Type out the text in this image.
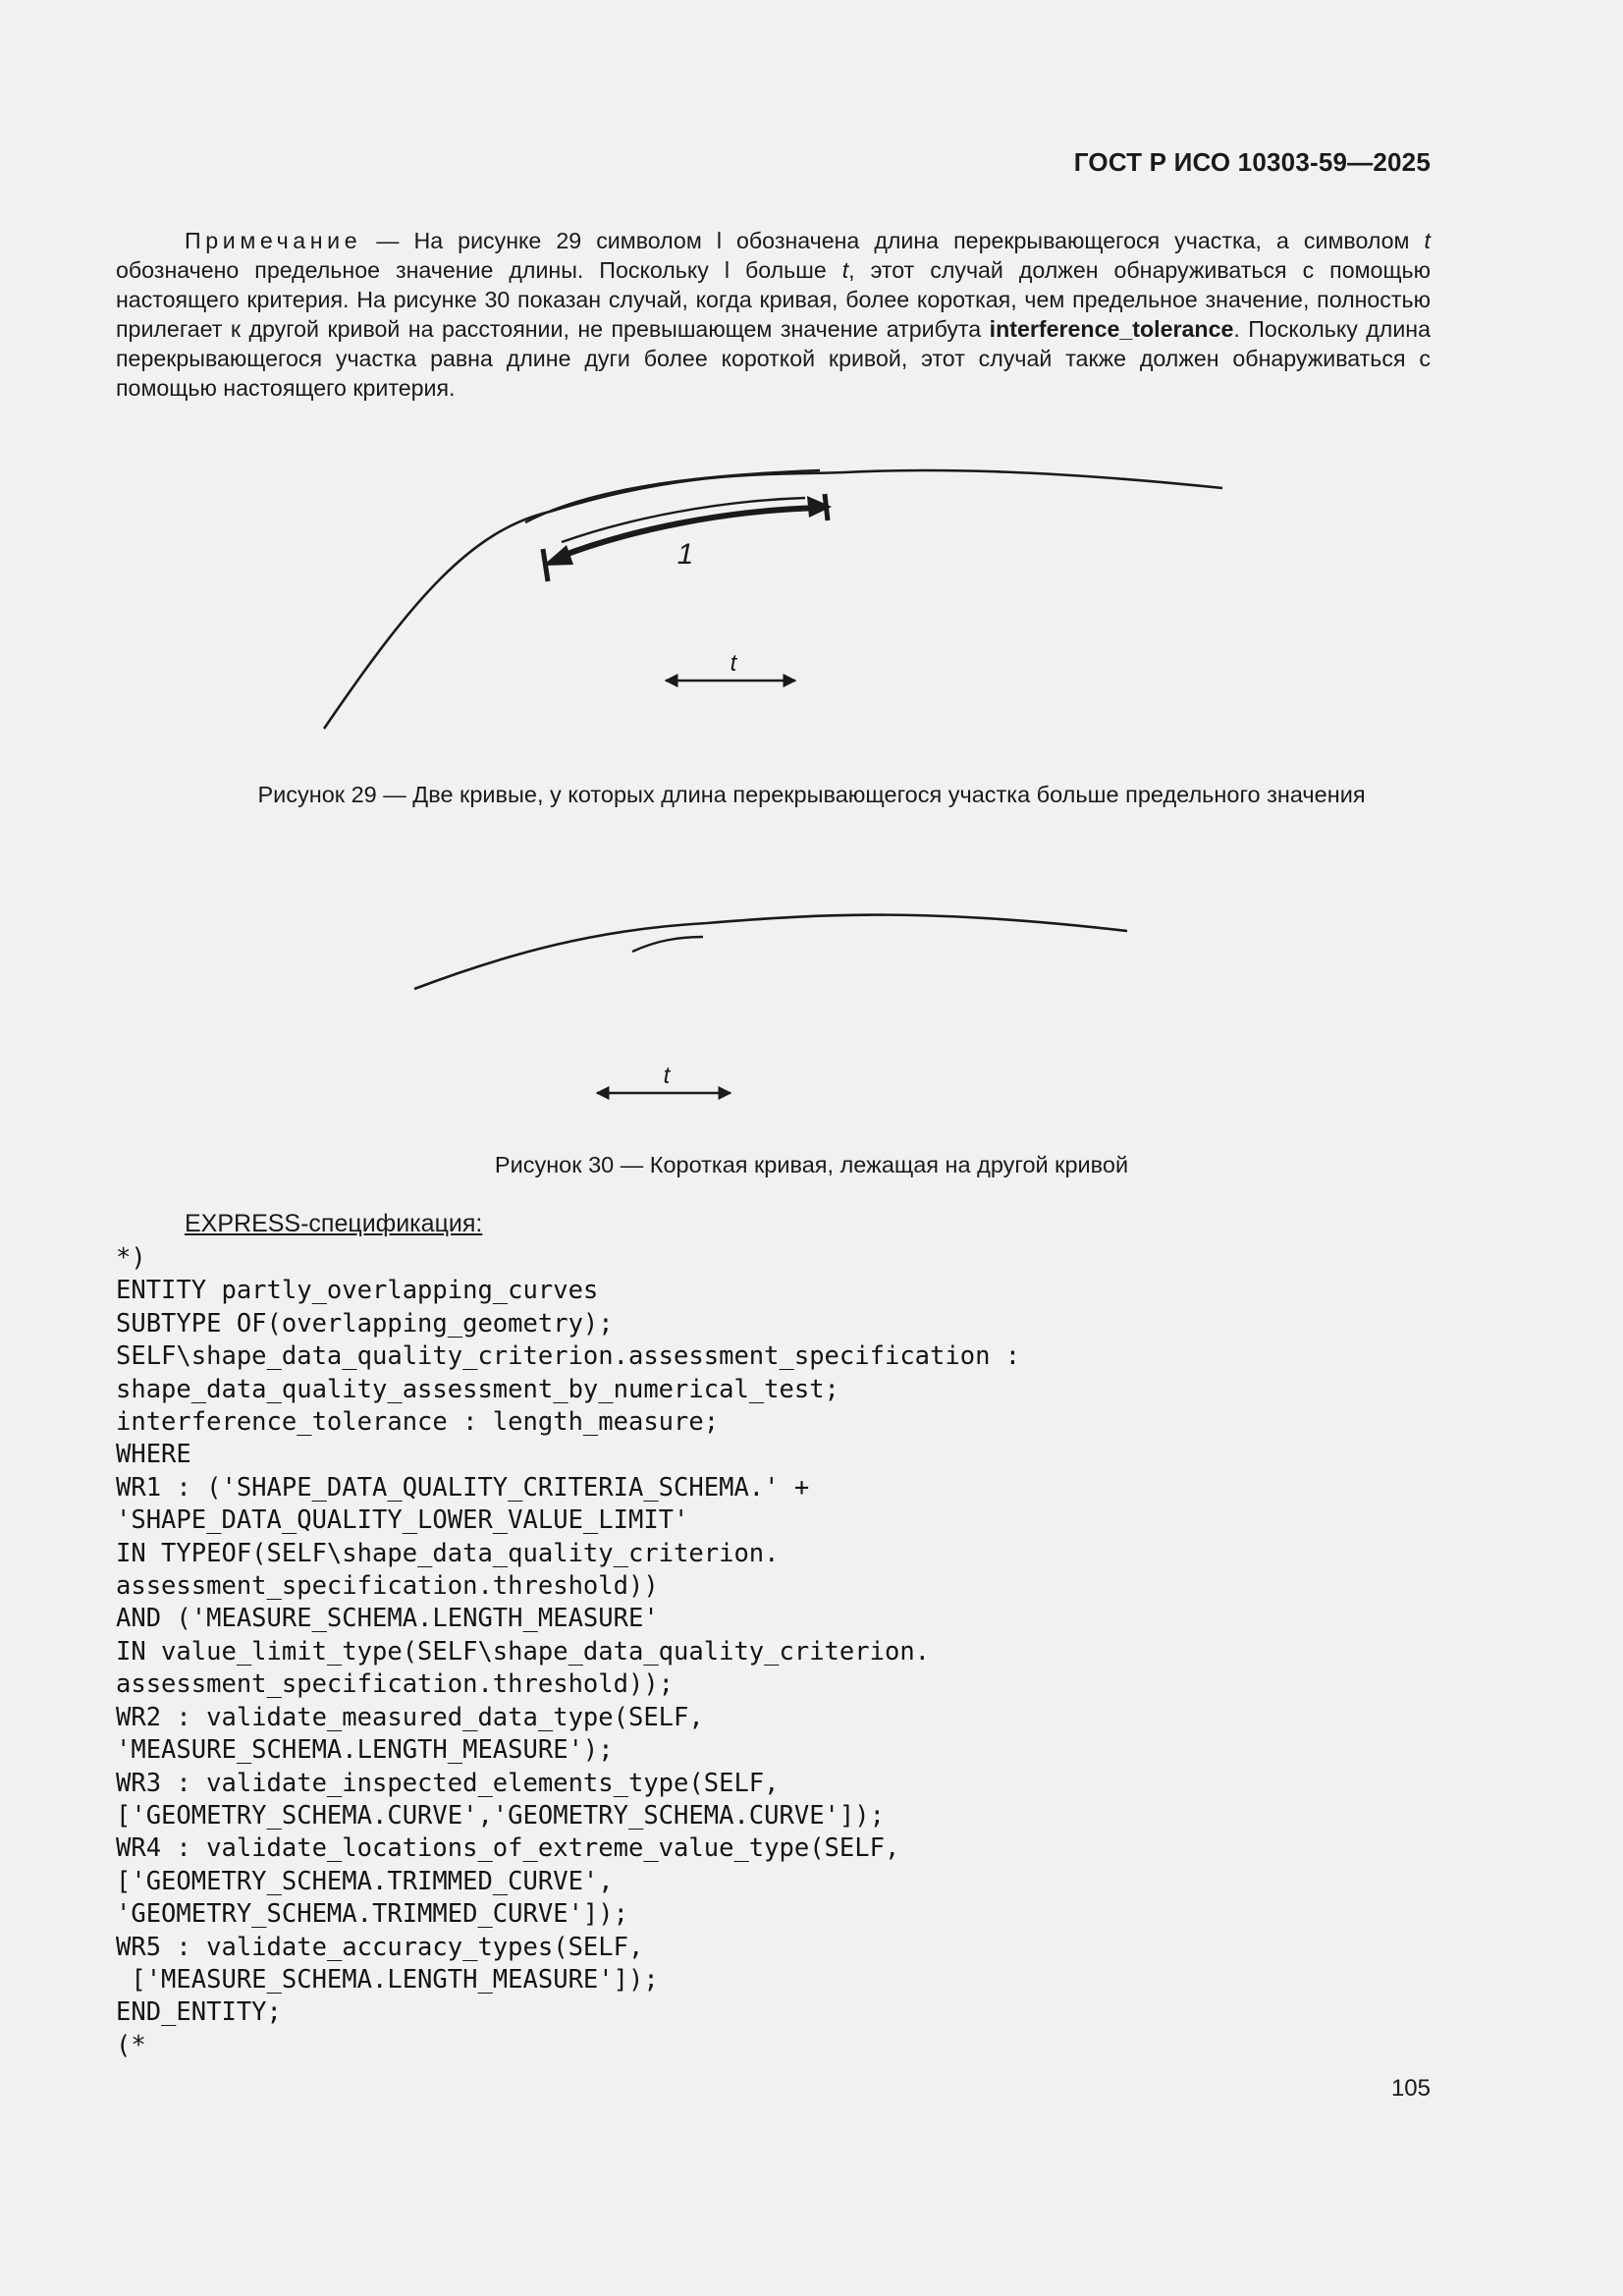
ГОСТ Р ИСО 10303-59—2025

Примечание — На рисунке 29 символом l обозначена длина перекрывающегося участка, а символом t обозначено предельное значение длины. Поскольку l больше t, этот случай должен обнаруживаться с помощью настоящего критерия. На рисунке 30 показан случай, когда кривая, более короткая, чем предельное значение, полностью прилегает к другой кривой на расстоянии, не превышающем значение атрибута interference_tolerance. Поскольку длина перекрывающегося участка равна длине дуги более короткой кривой, этот случай также должен обнаруживаться с помощью настоящего критерия.

1
t
Рисунок 29 — Две кривые, у которых длина перекрывающегося участка больше предельного значения
t
Рисунок 30 — Короткая кривая, лежащая на другой кривой
EXPRESS-спецификация:
*)
ENTITY partly_overlapping_curves
SUBTYPE OF(overlapping_geometry);
SELF\shape_data_quality_criterion.assessment_specification :
shape_data_quality_assessment_by_numerical_test;
interference_tolerance : length_measure;
WHERE
WR1 : ('SHAPE_DATA_QUALITY_CRITERIA_SCHEMA.' +
'SHAPE_DATA_QUALITY_LOWER_VALUE_LIMIT'
IN TYPEOF(SELF\shape_data_quality_criterion.
assessment_specification.threshold))
AND ('MEASURE_SCHEMA.LENGTH_MEASURE'
IN value_limit_type(SELF\shape_data_quality_criterion.
assessment_specification.threshold));
WR2 : validate_measured_data_type(SELF,
'MEASURE_SCHEMA.LENGTH_MEASURE');
WR3 : validate_inspected_elements_type(SELF,
['GEOMETRY_SCHEMA.CURVE','GEOMETRY_SCHEMA.CURVE']);
WR4 : validate_locations_of_extreme_value_type(SELF,
['GEOMETRY_SCHEMA.TRIMMED_CURVE',
'GEOMETRY_SCHEMA.TRIMMED_CURVE']);
WR5 : validate_accuracy_types(SELF,
['MEASURE_SCHEMA.LENGTH_MEASURE']);
END_ENTITY;
(*
105
